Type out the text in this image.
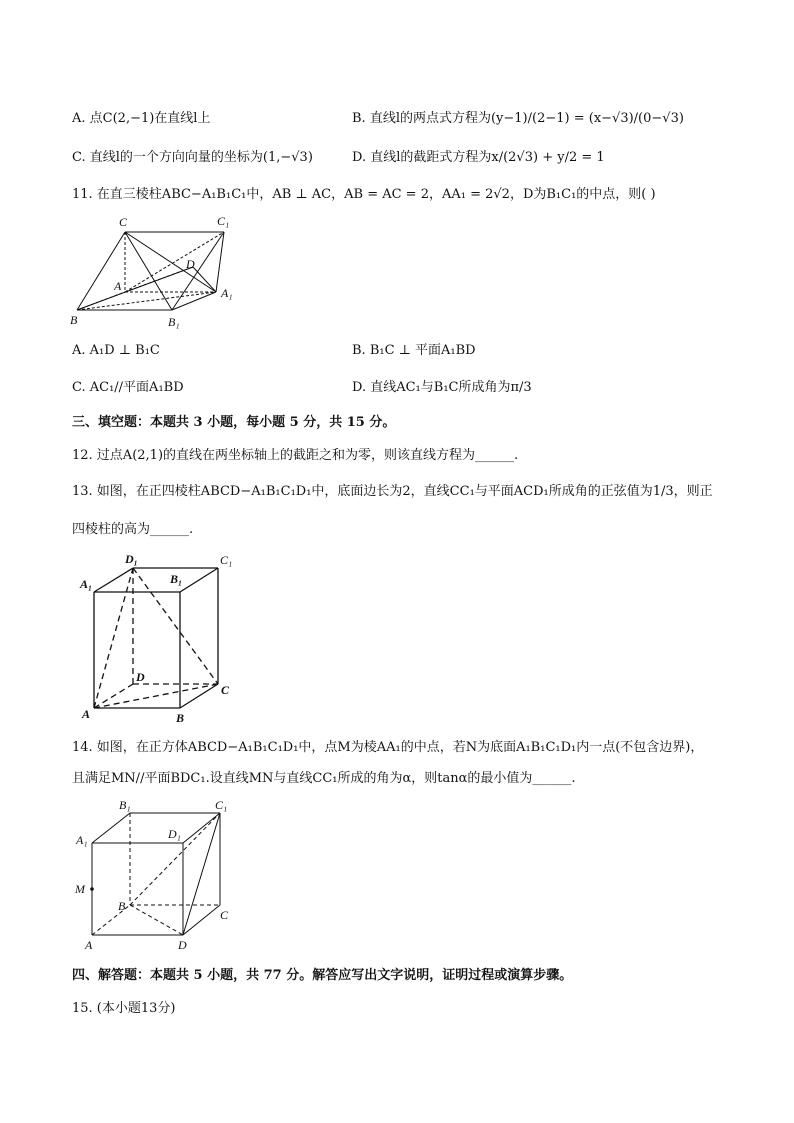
A. 点C(2,−1)在直线l上	B. 直线l的两点式方程为(y−1)/(2−1) = (x−√3)/(0−√3)
C. 直线l的一个方向向量的坐标为(1,−√3)	D. 直线l的截距式方程为x/(2√3) + y/2 = 1
11. 在直三棱柱ABC−A₁B₁C₁中，AB ⊥ AC，AB = AC = 2，AA₁ = 2√2，D为B₁C₁的中点，则( )
C	C₁
D
A	A₁
B	B₁
A. A₁D ⊥ B₁C	B. B₁C ⊥ 平面A₁BD
C. AC₁//平面A₁BD	D. 直线AC₁与B₁C所成角为π/3
三、填空题：本题共 3 小题，每小题 5 分，共 15 分。
12. 过点A(2,1)的直线在两坐标轴上的截距之和为零，则该直线方程为______.
13. 如图，在正四棱柱ABCD−A₁B₁C₁D₁中，底面边长为2，直线CC₁与平面ACD₁所成角的正弦值为1/3，则正
四棱柱的高为______.
D₁	C₁
A₁	B₁
D
C
A	B
14. 如图，在正方体ABCD−A₁B₁C₁D₁中，点M为棱AA₁的中点，若N为底面A₁B₁C₁D₁内一点(不包含边界)，
且满足MN//平面BDC₁.设直线MN与直线CC₁所成的角为α，则tanα的最小值为______.
B₁	C₁
A₁	D₁
M
B
C
A	D
四、解答题：本题共 5 小题，共 77 分。解答应写出文字说明，证明过程或演算步骤。
15. (本小题13分)
